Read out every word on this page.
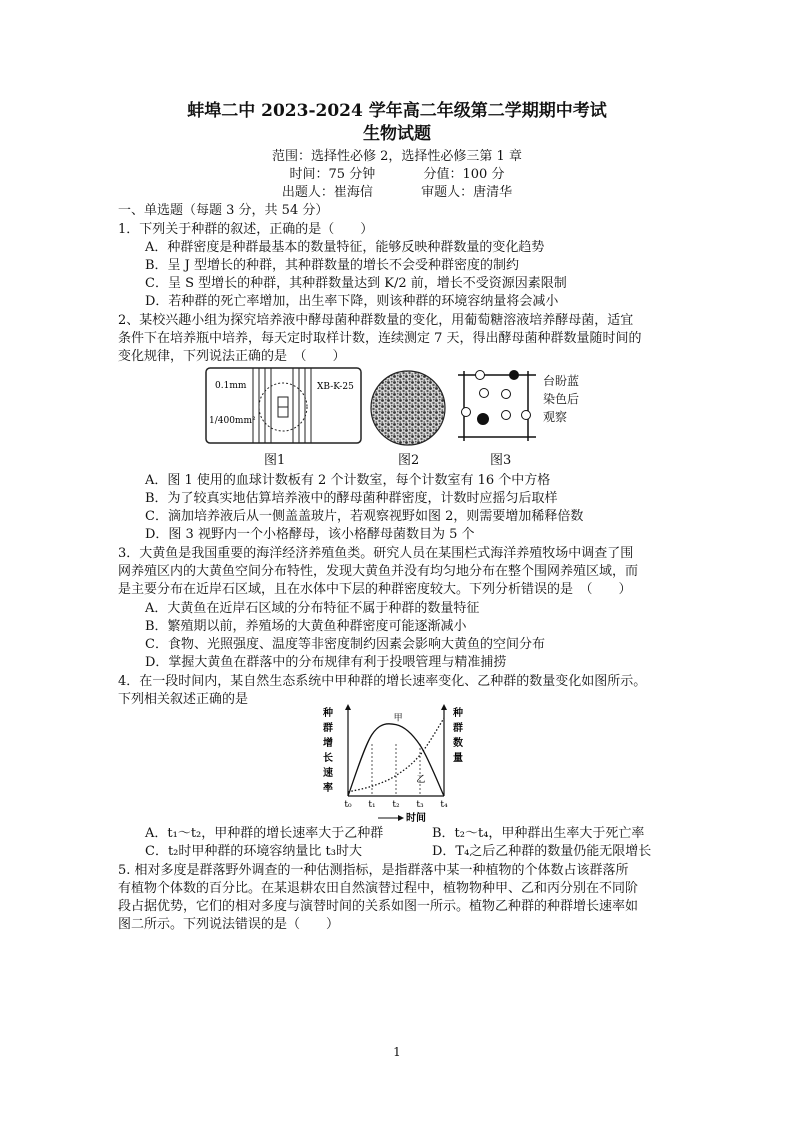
蚌埠二中 2023-2024 学年高二年级第二学期期中考试
生物试题
范围：选择性必修 2，选择性必修三第 1 章
时间：75 分钟	分值：100 分
出题人：崔海信	审题人：唐清华
一、单选题（每题 3 分，共 54 分）
1．下列关于种群的叙述，正确的是（　　）
A．种群密度是种群最基本的数量特征，能够反映种群数量的变化趋势
B．呈 J 型增长的种群，其种群数量的增长不会受种群密度的制约
C．呈 S 型增长的种群，其种群数量达到 K/2 前，增长不受资源因素限制
D．若种群的死亡率增加，出生率下降，则该种群的环境容纳量将会减小
2、某校兴趣小组为探究培养液中酵母菌种群数量的变化，用葡萄糖溶液培养酵母菌，适宜
条件下在培养瓶中培养，每天定时取样计数，连续测定 7 天，得出酵母菌种群数量随时间的
变化规律，下列说法正确的是　（　　）
0.1mm
1/400mm²
XB-K-25
图1	图2
台盼蓝
染色后
观察
图3
A．图 1 使用的血球计数板有 2 个计数室，每个计数室有 16 个中方格
B．为了较真实地估算培养液中的酵母菌种群密度，计数时应摇匀后取样
C．滴加培养液后从一侧盖盖玻片，若观察视野如图 2，则需要增加稀释倍数
D．图 3 视野内一个小格酵母，该小格酵母菌数目为 5 个
3．大黄鱼是我国重要的海洋经济养殖鱼类。研究人员在某围栏式海洋养殖牧场中调查了围
网养殖区内的大黄鱼空间分布特性，发现大黄鱼并没有均匀地分布在整个围网养殖区域，而
是主要分布在近岸石区域，且在水体中下层的种群密度较大。下列分析错误的是　（　　）
A．大黄鱼在近岸石区域的分布特征不属于种群的数量特征
B．繁殖期以前，养殖场的大黄鱼种群密度可能逐渐减小
C．食物、光照强度、温度等非密度制约因素会影响大黄鱼的空间分布
D．掌握大黄鱼在群落中的分布规律有利于投喂管理与精准捕捞
4．在一段时间内，某自然生态系统中甲种群的增长速率变化、乙种群的数量变化如图所示。
下列相关叙述正确的是
种
群
增
长
速
率
种
群
数
量
甲
乙
t₀ t₁ t₂ t₃ t₄
时间
A．t₁～t₂，甲种群的增长速率大于乙种群	B．t₂～t₄，甲种群出生率大于死亡率
C．t₂时甲种群的环境容纳量比 t₃时大	D．T₄之后乙种群的数量仍能无限增长
5. 相对多度是群落野外调查的一种估测指标，是指群落中某一种植物的个体数占该群落所
有植物个体数的百分比。在某退耕农田自然演替过程中，植物物种甲、乙和丙分别在不同阶
段占据优势，它们的相对多度与演替时间的关系如图一所示。植物乙种群的种群增长速率如
图二所示。下列说法错误的是（　　）
1
